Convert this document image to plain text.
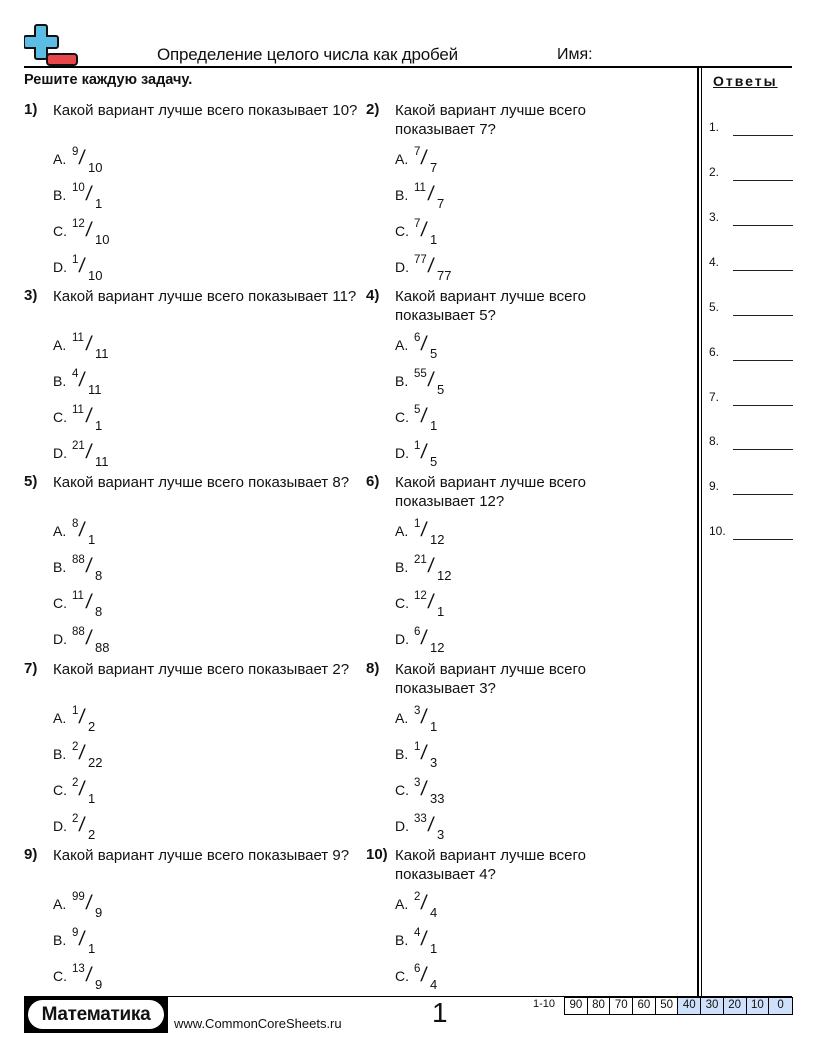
Определение целого числа как дробей	Имя:
Решите каждую задачу.	Ответы
1.
2.
3.
4.
5.
6.
7.
8.
9.
10.
1) Какой вариант лучше всего показывает 10?
A. 9 / 10
B. 10 / 1
C. 12 / 10
D. 1 / 10
2) Какой вариант лучше всего показывает 7?
A. 7 / 7
B. 11 / 7
C. 7 / 1
D. 77 / 77
3) Какой вариант лучше всего показывает 11?
A. 11 / 11
B. 4 / 11
C. 11 / 1
D. 21 / 11
4) Какой вариант лучше всего показывает 5?
A. 6 / 5
B. 55 / 5
C. 5 / 1
D. 1 / 5
5) Какой вариант лучше всего показывает 8?
A. 8 / 1
B. 88 / 8
C. 11 / 8
D. 88 / 88
6) Какой вариант лучше всего показывает 12?
A. 1 / 12
B. 21 / 12
C. 12 / 1
D. 6 / 12
7) Какой вариант лучше всего показывает 2?
A. 1 / 2
B. 2 / 22
C. 2 / 1
D. 2 / 2
8) Какой вариант лучше всего показывает 3?
A. 3 / 1
B. 1 / 3
C. 3 / 33
D. 33 / 3
9) Какой вариант лучше всего показывает 9?
A. 99 / 9
B. 9 / 1
C. 13 / 9
10) Какой вариант лучше всего показывает 4?
A. 2 / 4
B. 4 / 1
C. 6 / 4
Математика	www.CommonCoreSheets.ru	1	1-10	90 80 70 60 50 40 30 20 10	0
